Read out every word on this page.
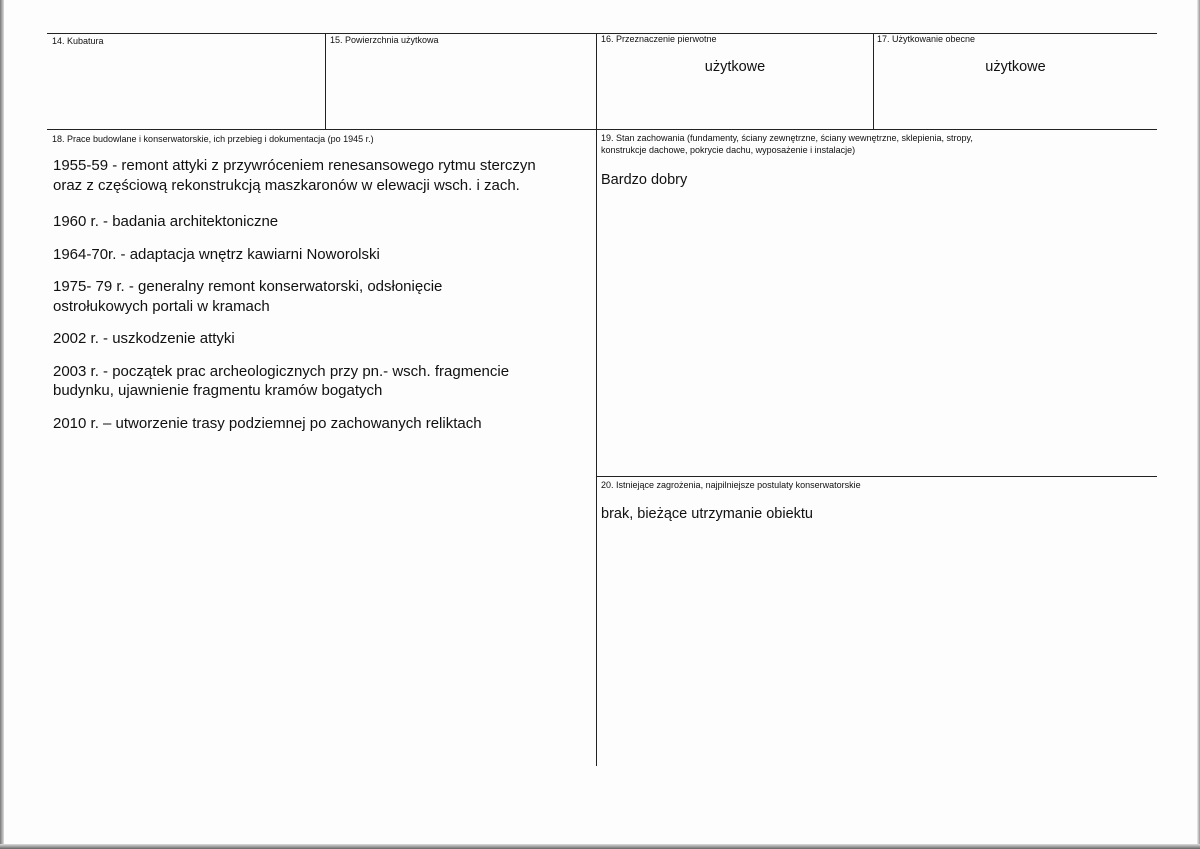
14. Kubatura	15. Powierzchnia użytkowa	16. Przeznaczenie pierwotne
użytkowe
17. Użytkowanie obecne
użytkowe
18. Prace budowlane i konserwatorskie, ich przebieg i dokumentacja (po 1945 r.)

1955-59 - remont attyki z przywróceniem renesansowego rytmu sterczyn
oraz z częściową rekonstrukcją maszkaronów w elewacji wsch. i zach.

1960 r. - badania architektoniczne

1964-70r. - adaptacja wnętrz kawiarni Noworolski

1975- 79 r. - generalny remont konserwatorski, odsłonięcie
ostrołukowych portali w kramach

2002 r. - uszkodzenie attyki

2003 r. - początek prac archeologicznych przy pn.- wsch. fragmencie
budynku, ujawnienie fragmentu kramów bogatych

2010 r. – utworzenie trasy podziemnej po zachowanych reliktach

19. Stan zachowania (fundamenty, ściany zewnętrzne, ściany wewnętrzne, sklepienia, stropy,
konstrukcje dachowe, pokrycie dachu, wyposażenie i instalacje)
Bardzo dobry
20. Istniejące zagrożenia, najpilniejsze postulaty konserwatorskie
brak, bieżące utrzymanie obiektu
